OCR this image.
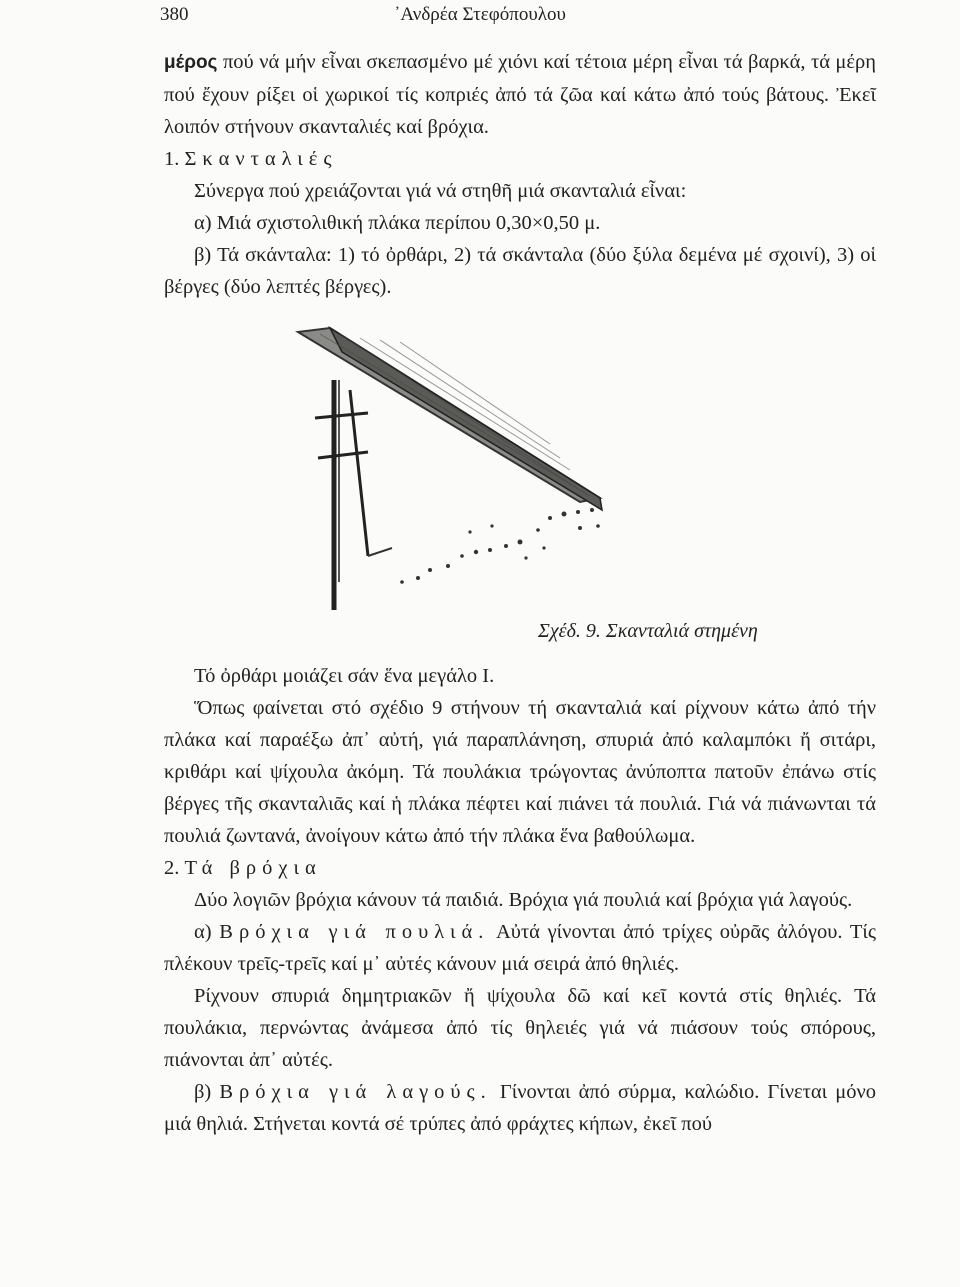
380	᾿Ανδρέα Στεφόπουλου

μέρος πού νά μήν εἶναι σκεπασμένο μέ χιόνι καί τέτοια μέρη εἶναι τά βαρκά, τά μέρη πού ἔχουν ρίξει οἱ χωρικοί τίς κοπριές ἀπό τά ζῶα καί κάτω ἀπό τούς βάτους. Ἐκεῖ λοιπόν στήνουν σκανταλιές καί βρόχια.

1. Σκανταλιές

Σύνεργα πού χρειάζονται γιά νά στηθῆ μιά σκανταλιά εἶναι:

α) Μιά σχιστολιθική πλάκα περίπου 0,30×0,50 μ.

β) Τά σκάνταλα: 1) τό ὀρθάρι, 2) τά σκάνταλα (δύο ξύλα δεμένα μέ σχοινί), 3) οἱ βέργες (δύο λεπτές βέργες).

Σχέδ. 9. Σκανταλιά στημένη

Τό ὀρθάρι μοιάζει σάν ἕνα μεγάλο Ι.

Ὅπως φαίνεται στό σχέδιο 9 στήνουν τή σκανταλιά καί ρίχνουν κάτω ἀπό τήν πλάκα καί παραέξω ἀπ᾿ αὐτή, γιά παραπλάνηση, σπυριά ἀπό καλαμπόκι ἤ σιτάρι, κριθάρι καί ψίχουλα ἀκόμη. Τά πουλάκια τρώγοντας ἀνύποπτα πατοῦν ἐπάνω στίς βέργες τῆς σκανταλιᾶς καί ἡ πλάκα πέφτει καί πιάνει τά πουλιά. Γιά νά πιάνωνται τά πουλιά ζωντανά, ἀνοίγουν κάτω ἀπό τήν πλάκα ἕνα βαθούλωμα.

2. Τά βρόχια

Δύο λογιῶν βρόχια κάνουν τά παιδιά. Βρόχια γιά πουλιά καί βρόχια γιά λαγούς.

α) Βρόχια γιά πουλιά. Αὐτά γίνονται ἀπό τρίχες οὐρᾶς ἀλόγου. Τίς πλέκουν τρεῖς-τρεῖς καί μ᾿ αὐτές κάνουν μιά σειρά ἀπό θηλιές.

Ρίχνουν σπυριά δημητριακῶν ἤ ψίχουλα δῶ καί κεῖ κοντά στίς θηλιές. Τά πουλάκια, περνώντας ἀνάμεσα ἀπό τίς θηλειές γιά νά πιάσουν τούς σπόρους, πιάνονται ἀπ᾿ αὐτές.

β) Βρόχια γιά λαγούς. Γίνονται ἀπό σύρμα, καλώδιο. Γίνεται μόνο μιά θηλιά. Στήνεται κοντά σέ τρύπες ἀπό φράχτες κήπων, ἐκεῖ πού
